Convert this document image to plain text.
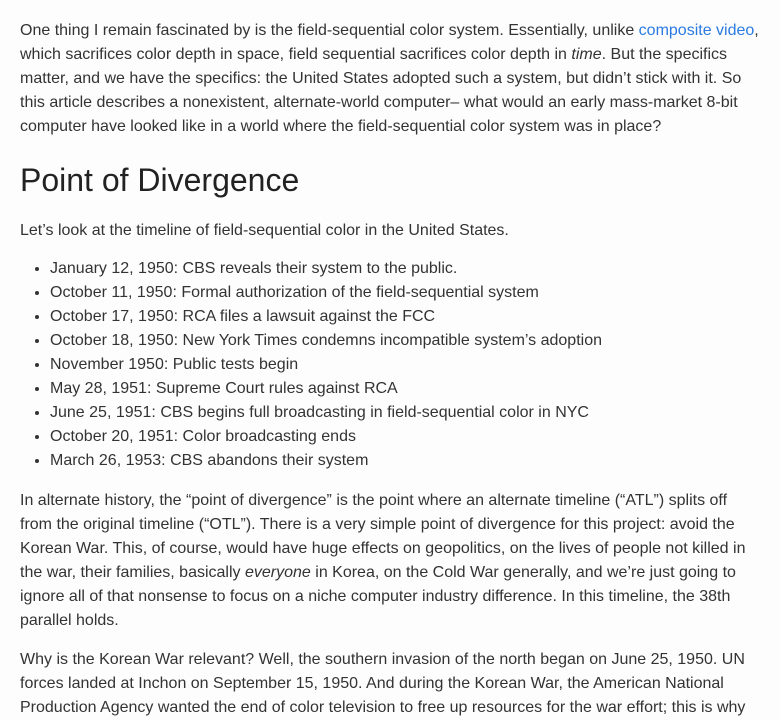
One thing I remain fascinated by is the field-sequential color system. Essentially, unlike composite video, which sacrifices color depth in space, field sequential sacrifices color depth in time. But the specifics matter, and we have the specifics: the United States adopted such a system, but didn’t stick with it. So this article describes a nonexistent, alternate-world computer– what would an early mass-market 8-bit computer have looked like in a world where the field-sequential color system was in place?

Point of Divergence

Let’s look at the timeline of field-sequential color in the United States.

• January 12, 1950: CBS reveals their system to the public.
• October 11, 1950: Formal authorization of the field-sequential system
• October 17, 1950: RCA files a lawsuit against the FCC
• October 18, 1950: New York Times condemns incompatible system’s adoption
• November 1950: Public tests begin
• May 28, 1951: Supreme Court rules against RCA
• June 25, 1951: CBS begins full broadcasting in field-sequential color in NYC
• October 20, 1951: Color broadcasting ends
• March 26, 1953: CBS abandons their system

In alternate history, the “point of divergence” is the point where an alternate timeline (“ATL”) splits off from the original timeline (“OTL”). There is a very simple point of divergence for this project: avoid the Korean War. This, of course, would have huge effects on geopolitics, on the lives of people not killed in the war, their families, basically everyone in Korea, on the Cold War generally, and we’re just going to ignore all of that nonsense to focus on a niche computer industry difference. In this timeline, the 38th parallel holds.

Why is the Korean War relevant? Well, the southern invasion of the north began on June 25, 1950. UN forces landed at Inchon on September 15, 1950. And during the Korean War, the American National Production Agency wanted the end of color television to free up resources for the war effort; this is why
